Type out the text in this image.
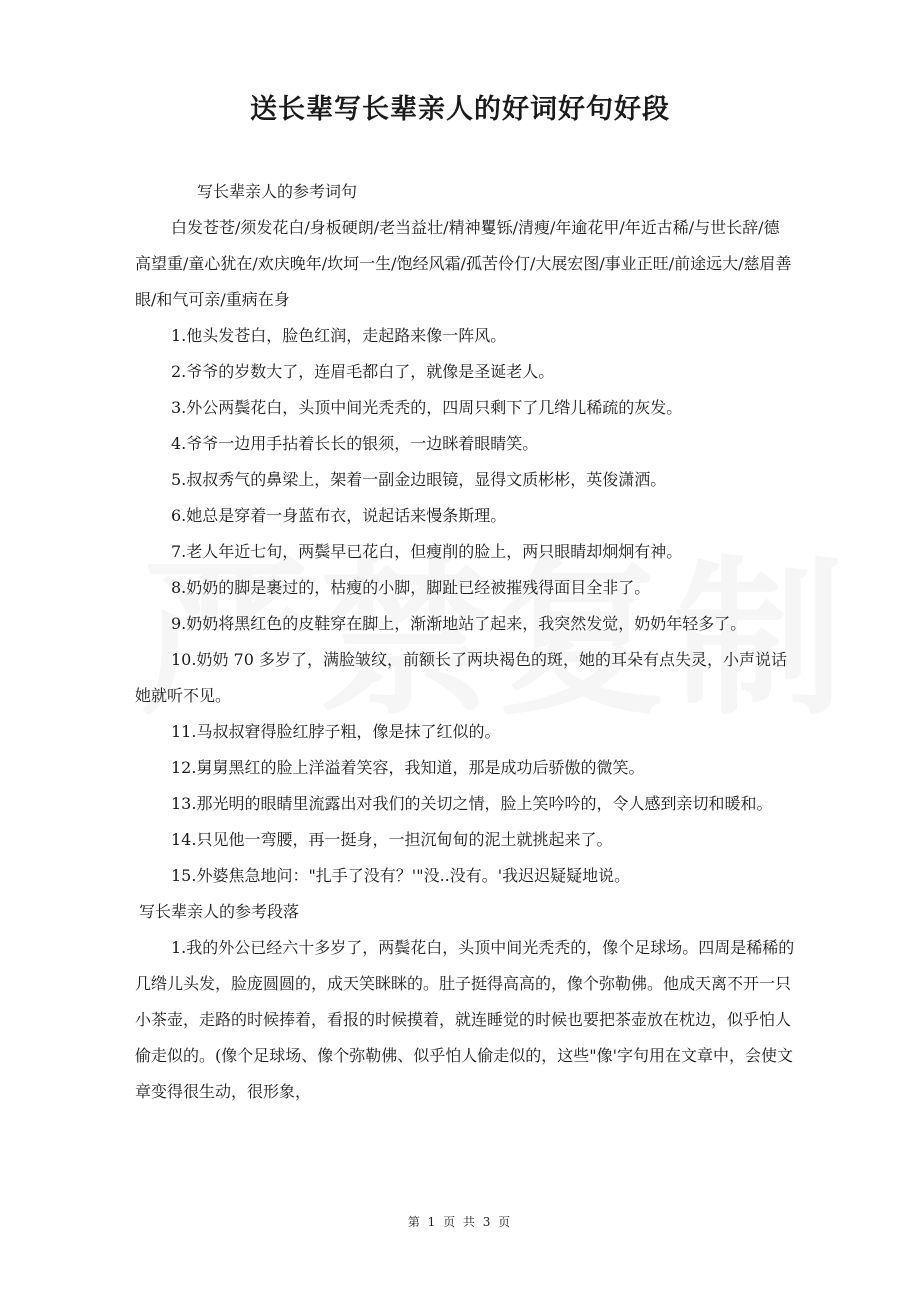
送长辈写长辈亲人的好词好句好段

写长辈亲人的参考词句

白发苍苍/须发花白/身板硬朗/老当益壮/精神矍铄/清瘦/年逾花甲/年近古稀/与世长辞/德高望重/童心犹在/欢庆晚年/坎坷一生/饱经风霜/孤苦伶仃/大展宏图/事业正旺/前途远大/慈眉善眼/和气可亲/重病在身

1.他头发苍白，脸色红润，走起路来像一阵风。

2.爷爷的岁数大了，连眉毛都白了，就像是圣诞老人。

3.外公两鬓花白，头顶中间光秃秃的，四周只剩下了几绺儿稀疏的灰发。

4.爷爷一边用手拈着长长的银须，一边眯着眼睛笑。

5.叔叔秀气的鼻梁上，架着一副金边眼镜，显得文质彬彬，英俊潇洒。

6.她总是穿着一身蓝布衣，说起话来慢条斯理。

7.老人年近七旬，两鬓早已花白，但瘦削的脸上，两只眼睛却炯炯有神。

8.奶奶的脚是裹过的，枯瘦的小脚，脚趾已经被摧残得面目全非了。

9.奶奶将黑红色的皮鞋穿在脚上，渐渐地站了起来，我突然发觉，奶奶年轻多了。

10.奶奶 70 多岁了，满脸皱纹，前额长了两块褐色的斑，她的耳朵有点失灵，小声说话她就听不见。

11.马叔叔窘得脸红脖子粗，像是抹了红似的。

12.舅舅黑红的脸上洋溢着笑容，我知道，那是成功后骄傲的微笑。

13.那光明的眼睛里流露出对我们的关切之情，脸上笑吟吟的，令人感到亲切和暖和。

14.只见他一弯腰，再一挺身，一担沉甸甸的泥土就挑起来了。

15.外婆焦急地问："扎手了没有？'"没..没有。'我迟迟疑疑地说。

写长辈亲人的参考段落

1.我的外公已经六十多岁了，两鬓花白，头顶中间光秃秃的，像个足球场。四周是稀稀的几绺儿头发，脸庞圆圆的，成天笑眯眯的。肚子挺得高高的，像个弥勒佛。他成天离不开一只小茶壶，走路的时候捧着，看报的时候摸着，就连睡觉的时候也要把茶壶放在枕边，似乎怕人偷走似的。(像个足球场、像个弥勒佛、似乎怕人偷走似的，这些"像'字句用在文章中，会使文章变得很生动，很形象，

第 1 页 共 3 页
